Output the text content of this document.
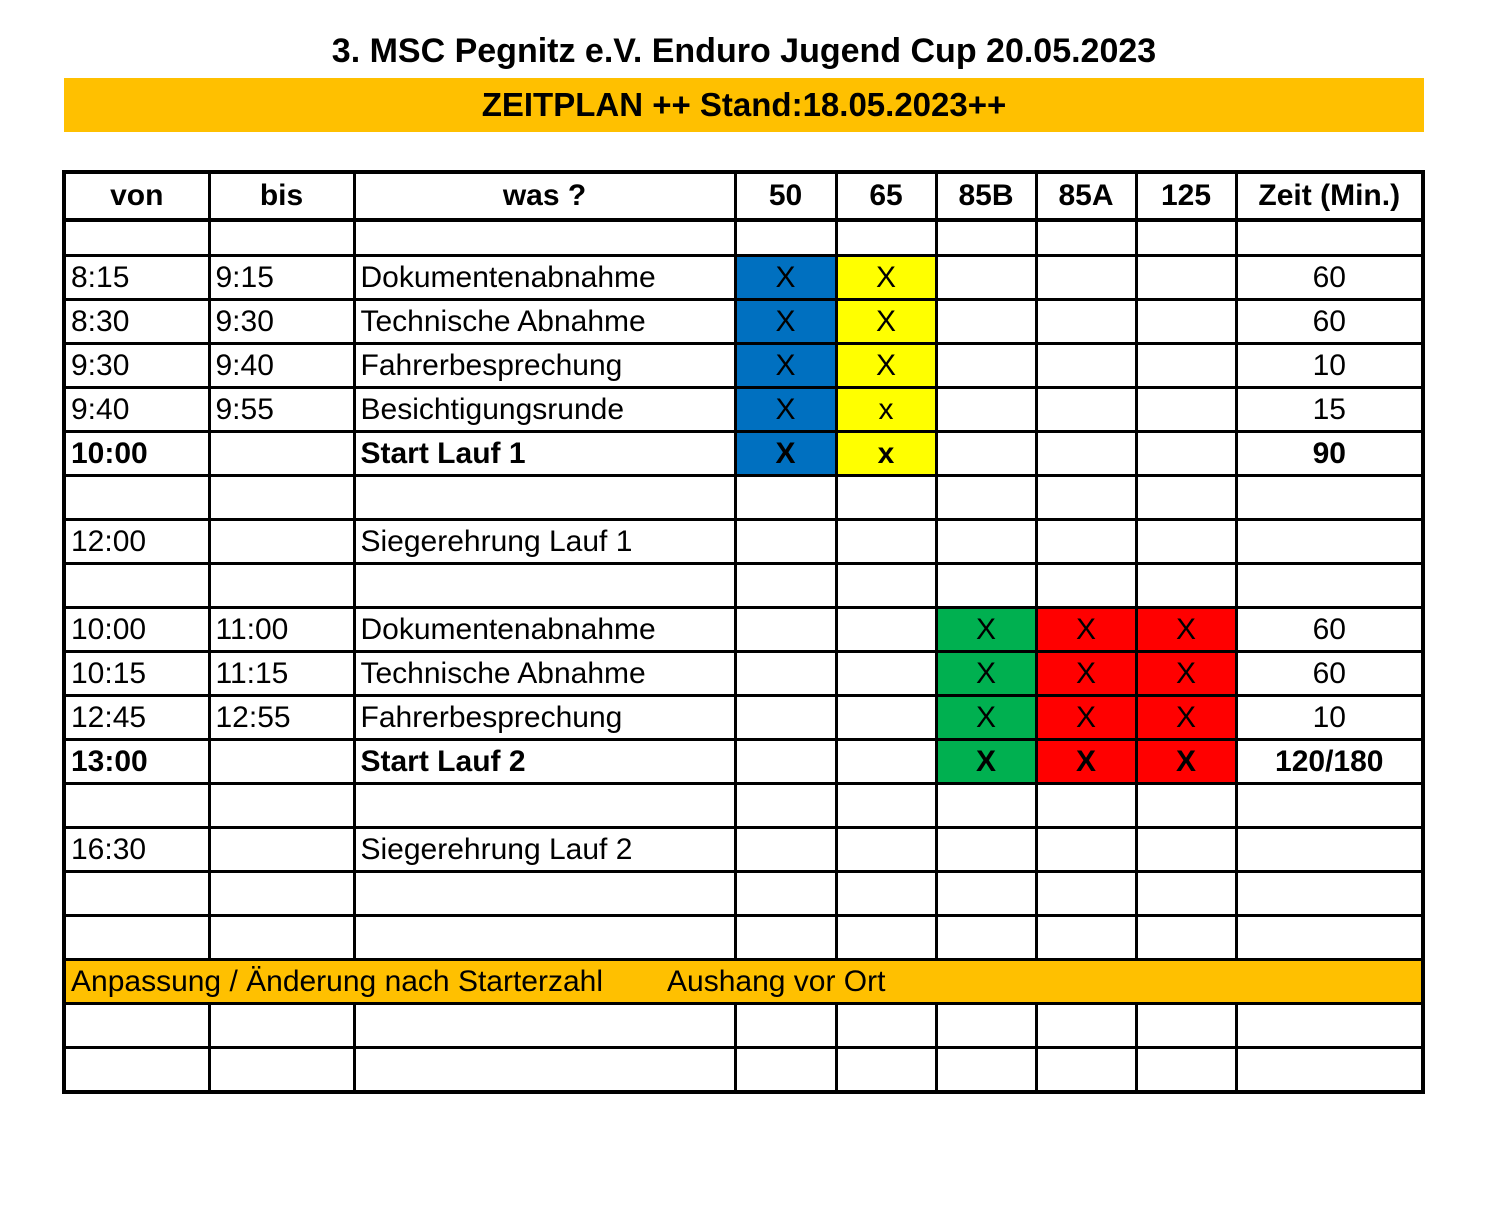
3. MSC Pegnitz e.V. Enduro Jugend Cup 20.05.2023
ZEITPLAN ++ Stand:18.05.2023++
von	bis	was ?	50	65	85B	85A	125	Zeit (Min.)

8:15	9:15	Dokumentenabnahme	X	X				60
8:30	9:30	Technische Abnahme	X	X				60
9:30	9:40	Fahrerbesprechung	X	X				10
9:40	9:55	Besichtigungsrunde	X	x				15
10:00		Start Lauf 1	X	x				90

12:00		Siegerehrung Lauf 1						

10:00	11:00	Dokumentenabnahme			X	X	X	60
10:15	11:15	Technische Abnahme			X	X	X	60
12:45	12:55	Fahrerbesprechung			X	X	X	10
13:00		Start Lauf 2			X	X	X	120/180

16:30		Siegerehrung Lauf 2						

Anpassung / Änderung nach Starterzahl Aushang vor Ort								
